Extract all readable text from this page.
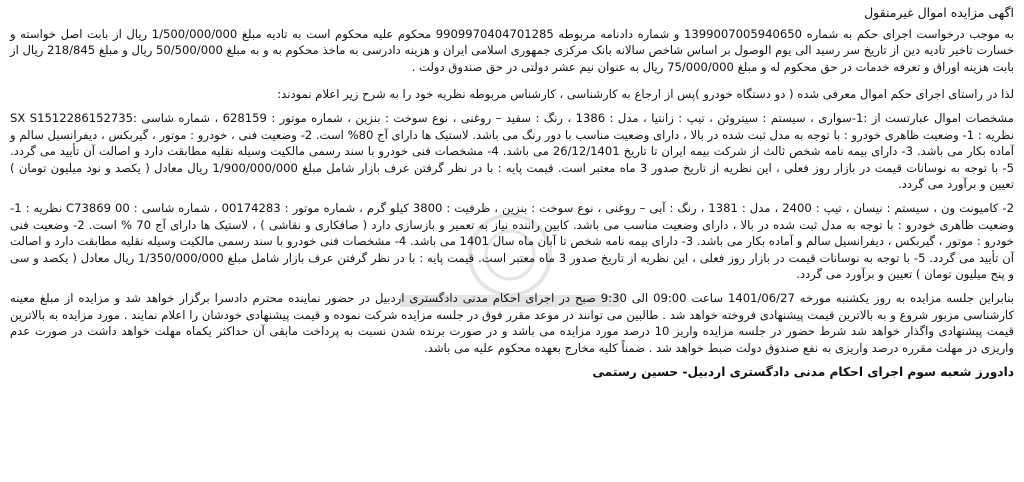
اگهی مزایده اموال غیرمنقول

به موجب درخواست اجرای حکم به شماره 1399007005940650 و شماره دادنامه مربوطه 9909970404701285 محکوم علیه محکوم است به تادیه مبلغ 1/500/000/000 ریال از بابت اصل خواسته و خسارت تاخیر تادیه دین از تاریخ سر رسید الی یوم الوصول بر اساس شاخص سالانه بانک مرکزی جمهوری اسلامی ایران و هزینه دادرسی به ماخذ محکوم به و به مبلغ 50/500/000 ریال و مبلغ 218/845 ریال از بابت هزینه اوراق و تعرفه خدمات در حق محکوم له و مبلغ 75/000/000 ریال به عنوان نیم عشر دولتی در حق صندوق دولت .

لذا در راستای اجرای حکم اموال معرفی شده ( دو دستگاه خودرو )پس از ارجاع به کارشناسی ، کارشناس مربوطه نظریه خود را به شرح زیر اعلام نمودند:

مشخصات اموال عبارتست از :1-سواری ، سیستم : سیتروئن ، تیپ : زانتیا ، مدل : 1386 ، رنگ : سفید – روغنی ، نوع سوخت : بنزین ، شماره موتور : 628159 ، شماره شاسی :SX S1512286152735 نظریه : 1- وضعیت ظاهری خودرو : با توجه به مدل ثبت شده در بالا ، دارای وضعیت مناسب با دور رنگ می باشد. لاستیک ها دارای آج 80% است. 2- وضعیت فنی ، خودرو : موتور ، گیربکس ، دیفرانسیل سالم و آماده بکار می باشد. 3- دارای بیمه نامه شخص ثالث از شرکت بیمه ایران تا تاریخ 26/12/1401 می باشد. 4- مشخصات فنی خودرو با سند رسمی مالکیت وسیله نقلیه مطابقت دارد و اصالت آن تأیید می گردد. 5- با توجه به نوسانات قیمت در بازار روز فعلی ، این نظریه از تاریخ صدور 3 ماه معتبر است. قیمت پایه : با در نظر گرفتن عرف بازار شامل مبلغ 1/900/000/000 ریال معادل ( یکصد و نود میلیون تومان ) تعیین و برآورد می گردد.

2- کامیونت ون ، سیستم : نیسان ، تیپ : 2400 ، مدل : 1381 ، رنگ : آبی – روغنی ، نوع سوخت : بنزین ، ظرفیت : 3800 کیلو گرم ، شماره موتور : 00174283 ، شماره شاسی : 00 C73869 نظریه : 1- وضعیت ظاهری خودرو : با توجه به مدل ثبت شده در بالا ، دارای وضعیت مناسب می باشد. کابین راننده نیاز به تعمیر و بازسازی دارد ( صافکاری و نقاشی ) ، لاستیک ها دارای آج 70 % است. 2- وضعیت فنی خودرو : موتور ، گیربکس ، دیفرانسیل سالم و آماده بکار می باشد. 3- دارای بیمه نامه شخص تا آبان ماه سال 1401 می باشد. 4- مشخصات فنی خودرو با سند رسمی مالکیت وسیله نقلیه مطابقت دارد و اصالت آن تأیید می گردد. 5- با توجه به نوسانات قیمت در بازار روز فعلی ، این نظریه از تاریخ صدور 3 ماه معتبر است. قیمت پایه : با در نظر گرفتن عرف بازار شامل مبلغ 1/350/000/000 ریال معادل ( یکصد و سی و پنج میلیون تومان ) تعیین و برآورد می گردد.

بنابراین جلسه مزایده به روز یکشنبه مورخه 1401/06/27 ساعت 09:00 الی 9:30 صبح در اجرای احکام مدنی دادگستری اردبیل در حضور نماینده محترم دادسرا برگزار خواهد شد و مزایده از مبلغ معینه کارشناسی مزبور شروع و به بالاترین قیمت پیشنهادی فروخته خواهد شد . طالبین می توانند در موعد مقرر فوق در جلسه مزایده شرکت نموده و قیمت پیشنهادی خودشان را اعلام نمایند . مورد مزایده به بالاترین قیمت پیشنهادی واگذار خواهد شد شرط حضور در جلسه مزایده واریز 10 درصد مورد مزایده می باشد و در صورت برنده شدن نسبت به پرداخت مابقی آن حداکثر یکماه مهلت خواهد داشت در صورت عدم واریزی در مهلت مقرره درصد واریزی به نفع صندوق دولت ضبط خواهد شد . ضمناً کلیه مخارج بعهده محکوم علیه می باشد.

دادورز شعبه سوم اجرای احکام مدنی دادگستری اردبیل- حسین رستمی
